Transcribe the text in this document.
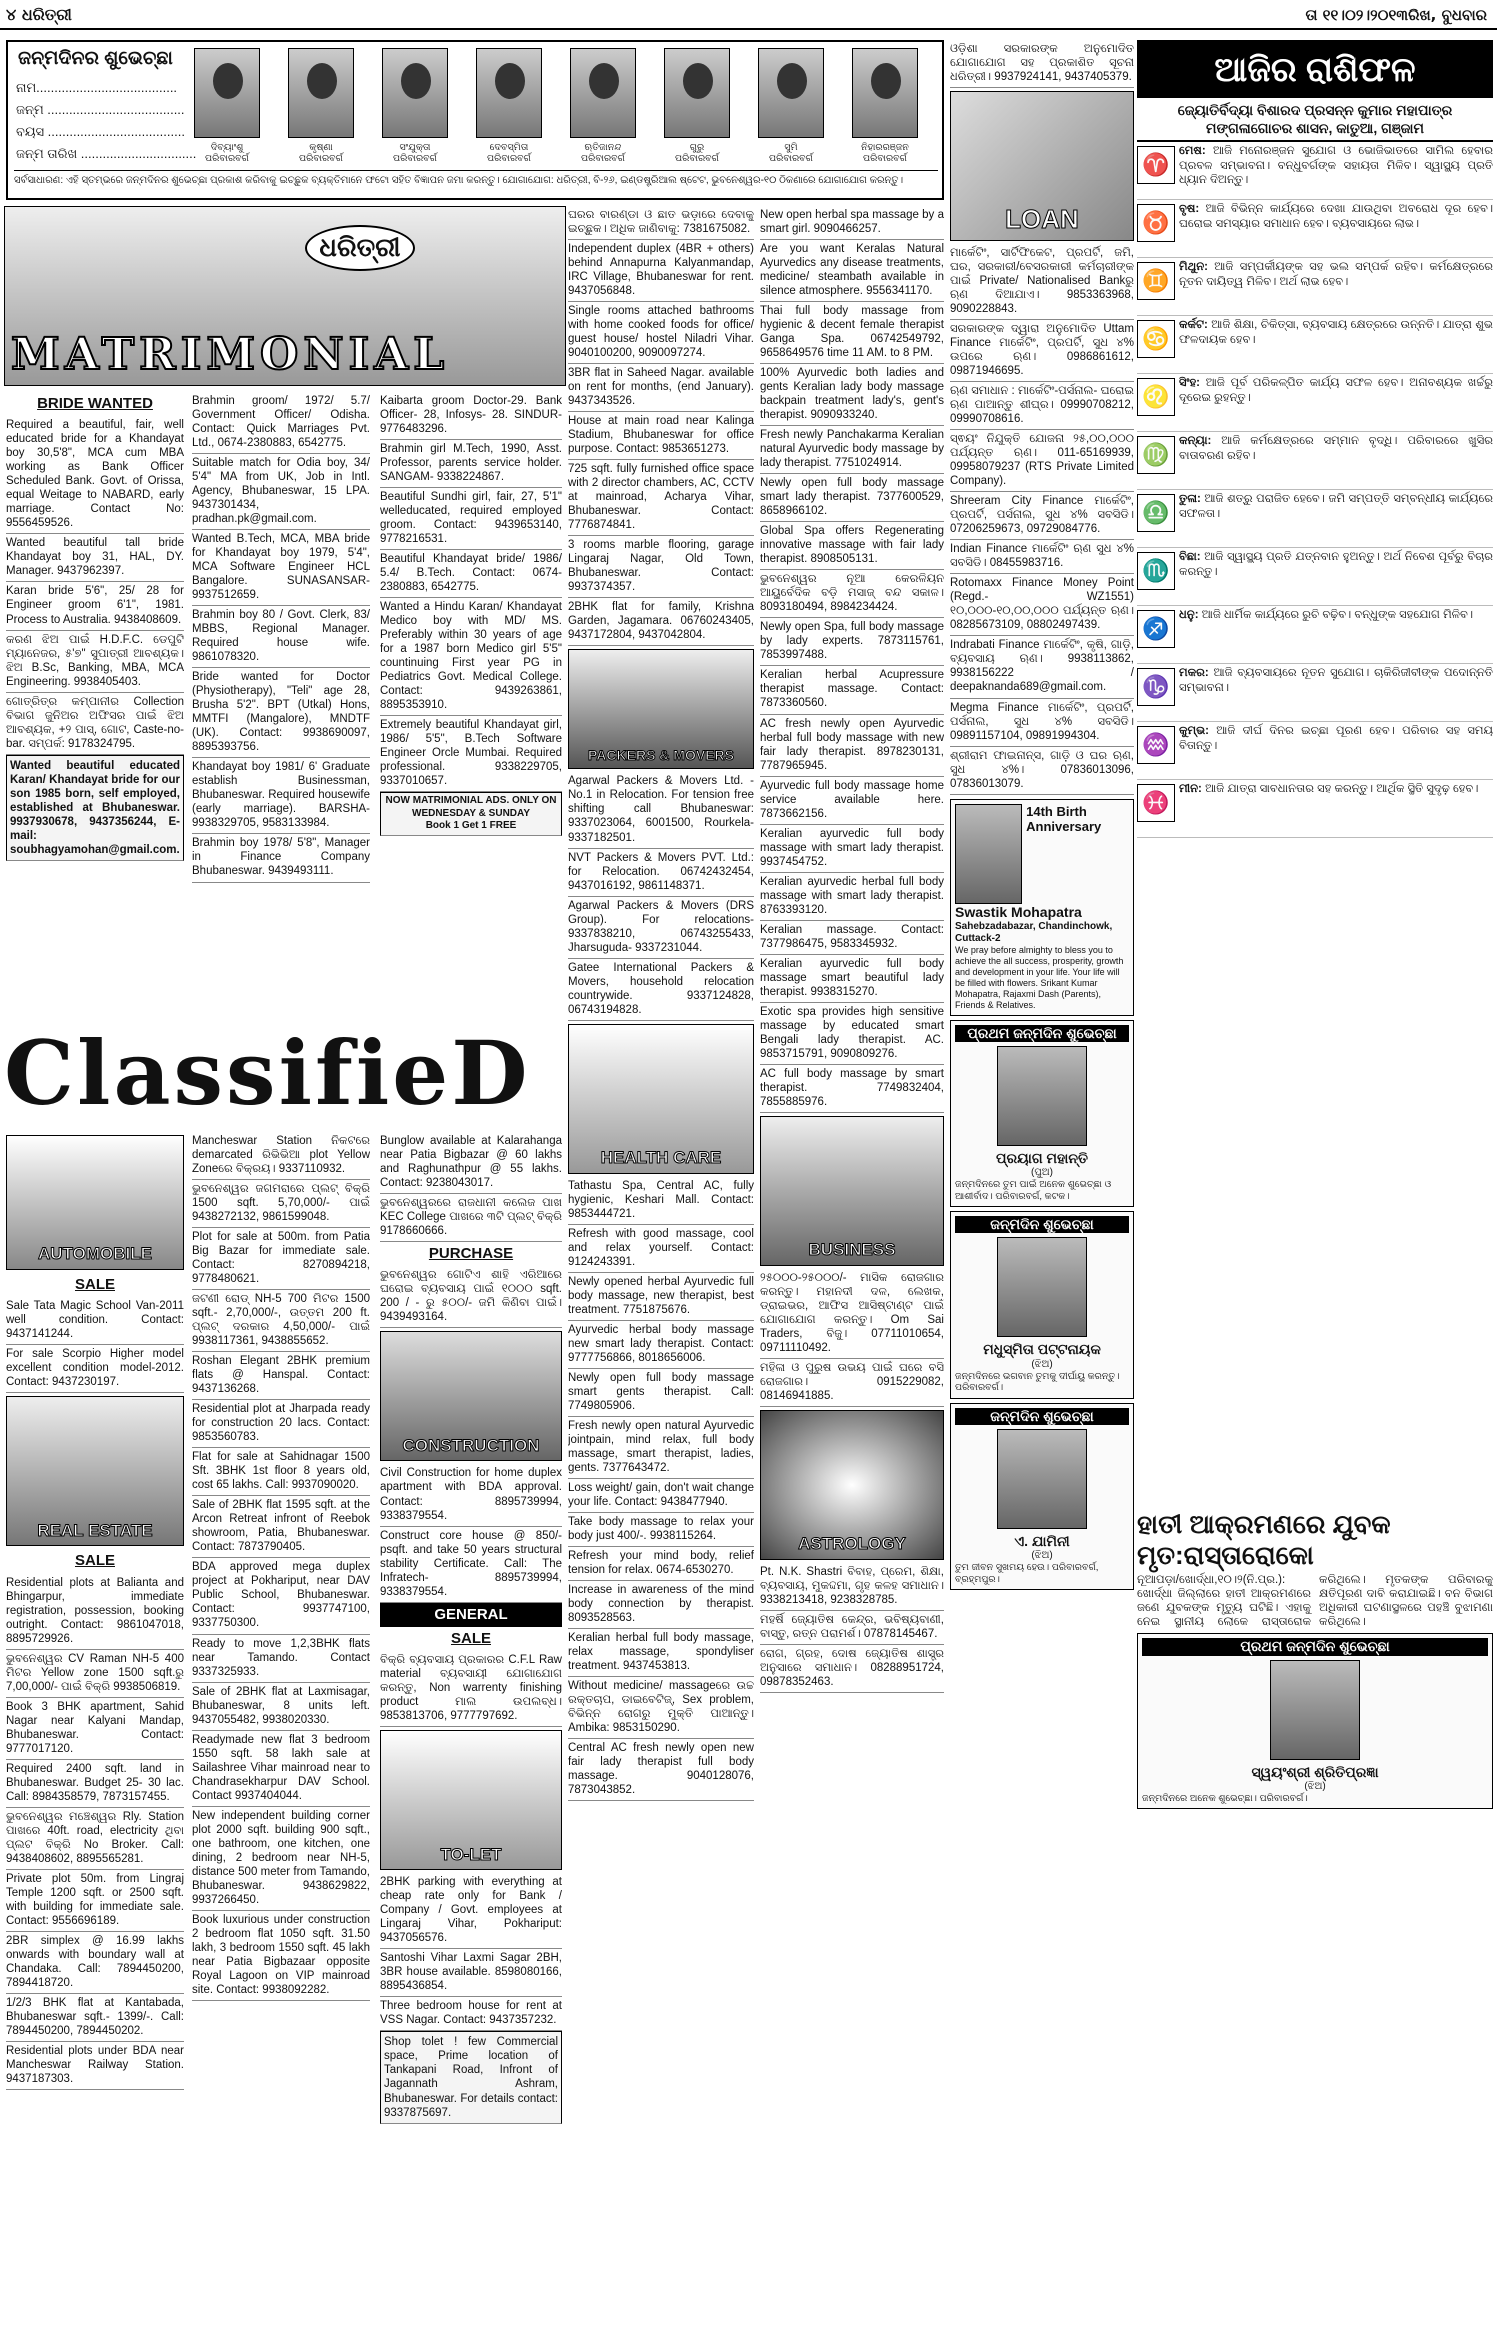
୪ ଧରିତ୍ରୀ	ତା ୧୧।୦୨।୨୦୧୩ରିଖ, ବୁଧବାର
ଜନ୍ମଦିନର ଶୁଭେଚ୍ଛା
ନାମ.......................................
ଜନ୍ମ ......................................
ବୟସ ......................................
ଜନ୍ମ ତାରିଖ ................................	ଦିବ୍ୟାଂଶୁ
ପରିବାରବର୍ଗ
କୃଷ୍ଣା
ପରିବାରବର୍ଗ
ସଂଯୁକ୍ତା
ପରିବାରବର୍ଗ
ଦେବସ୍ମିତା
ପରିବାରବର୍ଗ
ଋତିଜାନନ୍ଦ
ପରିବାରବର୍ଗ
ଗୁରୁ
ପରିବାରବର୍ଗ
ସୁମି
ପରିବାରବର୍ଗ
ନିହାରରଞ୍ଜନ
ପରିବାରବର୍ଗ
ସର୍ବସାଧାରଣ: ଏହି ସ୍ତମ୍ଭରେ ଜନ୍ମଦିନର ଶୁଭେଚ୍ଛା ପ୍ରକାଶ କରିବାକୁ ଇଚ୍ଛୁକ ବ୍ୟକ୍ତିମାନେ ଫଟୋ ସହିତ ବିଜ୍ଞାପନ ଜମା କରନ୍ତୁ। ଯୋଗାଯୋଗ: ଧରିତ୍ରୀ, ବି-୨୬, ଇଣ୍ଡଷ୍ଟ୍ରିଆଲ ଷ୍ଟେଟ, ଭୁବନେଶ୍ୱର-୧୦ ଠିକଣାରେ ଯୋଗାଯୋଗ କରନ୍ତୁ।
ଧରିତ୍ରୀ
MATRIMONIAL
BRIDE WANTED
Required a beautiful, fair, well educated bride for a Khandayat boy 30,5'8", MCA cum MBA working as Bank Officer Scheduled Bank. Govt. of Orissa, equal Weitage to NABARD, early marriage. Contact No: 9556459526.
Wanted beautiful tall bride Khandayat boy 31, HAL, DY. Manager. 9437962397.
Karan bride 5'6", 25/ 28 for Engineer groom 6'1", 1981. Process to Australia. 9438408609.
କରଣ ଝିଅ ପାଇଁ H.D.F.C. ଡେପୁଟି ମ୍ୟାନେଜର, ୫'୭" ସୁପାତ୍ରୀ ଆବଶ୍ୟକ। ଝିଅ B.Sc, Banking, MBA, MCA Engineering. 9938405403.
ଗୋତ୍ରିତ୍ର କମ୍ପାନୀର Collection ବିଭାଗ ଜୁନିଅର ଅଫିସର ପାଇଁ ଝିଅ ଆବଶ୍ୟକ, +୨ ପାସ୍, ଗୋଟ, Caste-no-bar. ସମ୍ପର୍କ: 9178324795.
Wanted beautiful educated Karan/ Khandayat bride for our son 1985 born, self employed, established at Bhubaneswar. 9937930678, 9437356244, E-mail: soubhagyamohan@gmail.com.
Brahmin groom/ 1972/ 5.7/ Government Officer/ Odisha. Contact: Quick Marriages Pvt. Ltd., 0674-2380883, 6542775.
Suitable match for Odia boy, 34/ 5'4" MA from UK, Job in Intl. Agency, Bhubaneswar, 15 LPA. 9437301434, pradhan.pk@gmail.com.
Wanted B.Tech, MCA, MBA bride for Khandayat boy 1979, 5'4", MCA Software Engineer HCL Bangalore. SUNASANSAR- 9937512659.
Brahmin boy 80 / Govt. Clerk, 83/ MBBS, Regional Manager. Required house wife. 9861078320.
Bride wanted for Doctor (Physiotherapy), "Teli" age 28, Brusha 5'2". BPT (Utkal) Hons, MMTFI (Mangalore), MNDTF (UK). Contact: 9938690097, 8895393756.
Khandayat boy 1981/ 6' Graduate establish Businessman, Bhubaneswar. Required housewife (early marriage). BARSHA- 9938329705, 9583133984.
Brahmin boy 1978/ 5'8", Manager in Finance Company Bhubaneswar. 9439493111.
Kaibarta groom Doctor-29. Bank Officer- 28, Infosys- 28. SINDUR- 9776483296.
Brahmin girl M.Tech, 1990, Asst. Professor, parents service holder. SANGAM- 9338224867.
Beautiful Sundhi girl, fair, 27, 5'1" welleducated, required employed groom. Contact: 9439653140, 9778216531.
Beautiful Khandayat bride/ 1986/ 5.4/ B.Tech. Contact: 0674-2380883, 6542775.
Wanted a Hindu Karan/ Khandayat Medico boy with MD/ MS. Preferably within 30 years of age for a 1987 born Medico girl 5'5" countinuing First year PG in Pediatrics Govt. Medical College. Contact: 9439263861, 8895353910.
Extremely beautiful Khandayat girl, 1986/ 5'5", B.Tech Software Engineer Orcle Mumbai. Required professional. 9338229705, 9337010657.
NOW MATRIMONIAL ADS. ONLY ON WEDNESDAY & SUNDAY
Book 1 Get 1 FREE
ClassifieD
AUTOMOBILE
SALE
Sale Tata Magic School Van-2011 well condition. Contact: 9437141244.
For sale Scorpio Higher model excellent condition model-2012. Contact: 9437230197.
REAL ESTATE
SALE
Residential plots at Balianta and Bhingarpur, immediate registration, possession, booking outright. Contact: 9861047018, 8895729926.
ଭୁବନେଶ୍ୱର CV Raman NH-5 400 ମିଟର Yellow zone 1500 sqft.ରୁ 7,00,000/- ପାଇଁ ବିକ୍ରି 9938506819.
Book 3 BHK apartment, Sahid Nagar near Kalyani Mandap, Bhubaneswar. Contact: 9777017120.
Required 2400 sqft. land in Bhubaneswar. Budget 25- 30 lac. Call: 8984358579, 7873157455.
ଭୁବନେଶ୍ୱର ମଞ୍ଚେଶ୍ୱର Rly. Station ପାଖରେ 40ft. road, electricity ଥିବା ପ୍ଲଟ ବିକ୍ରି No Broker. Call: 9438408602, 8895565281.
Private plot 50m. from Lingraj Temple 1200 sqft. or 2500 sqft. with building for immediate sale. Contact: 9556696189.
2BR simplex @ 16.99 lakhs onwards with boundary wall at Chandaka. Call: 7894450200, 7894418720.
1/2/3 BHK flat at Kantabada, Bhubaneswar sqft.- 1399/-. Call: 7894450200, 7894450202.
Residential plots under BDA near Mancheswar Railway Station. 9437187303.
Mancheswar Station ନିକଟରେ demarcated ରିଭିଭିଆ plot Yellow Zoneରେ ବିକ୍ରୟ। 9337110932.
ଭୁବନେଶ୍ୱର ଜଗମରାରେ ପ୍ଲଟ୍ ବିକ୍ରି 1500 sqft. 5,70,000/- ପାଇଁ 9438272132, 9861599048.
Plot for sale at 500m. from Patia Big Bazar for immediate sale. Contact: 8270894218, 9778480621.
ଜଟଣୀ ରୋଡ୍ NH-5 700 ମିଟର 1500 sqft.- 2,70,000/-, ଉତ୍ତମ 200 ft. ପ୍ଲଟ୍ ଦରକାର 4,50,000/- ପାଇଁ 9938117361, 9438855652.
Roshan Elegant 2BHK premium flats @ Hanspal. Contact: 9437136268.
Residential plot at Jharpada ready for construction 20 lacs. Contact: 9853560783.
Flat for sale at Sahidnagar 1500 Sft. 3BHK 1st floor 8 years old, cost 65 lakhs. Call: 9937090020.
Sale of 2BHK flat 1595 sqft. at the Arcon Retreat infront of Reebok showroom, Patia, Bhubaneswar. Contact: 7873790405.
BDA approved mega duplex project at Pokhariput, near DAV Public School, Bhubaneswar. Contact: 9937747100, 9337750300.
Ready to move 1,2,3BHK flats near Tamando. Contact 9337325933.
Sale of 2BHK flat at Laxmisagar, Bhubaneswar, 8 units left. 9437055482, 9938020330.
Readymade new flat 3 bedroom 1550 sqft. 58 lakh sale at Sailashree Vihar mainroad near to Chandrasekharpur DAV School. Contact 9937404044.
New independent building corner plot 2000 sqft. building 900 sqft., one bathroom, one kitchen, one dining, 2 bedroom near NH-5, distance 500 meter from Tamando, Bhubaneswar. 9438629822, 9937266450.
Book luxurious under construction 2 bedroom flat 1050 sqft. 31.50 lakh, 3 bedroom 1550 sqft. 45 lakh near Patia Bigbazaar opposite Royal Lagoon on VIP mainroad site. Contact: 9938092282.
Bunglow available at Kalarahanga near Patia Bigbazar @ 60 lakhs and Raghunathpur @ 55 lakhs. Contact: 9238043017.
ଭୁବନେଶ୍ୱରରେ ରାଜଧାନୀ କଲେଜ ପାଖ KEC College ପାଖରେ ୩ଟି ପ୍ଲଟ୍ ବିକ୍ରି 9178660666.
PURCHASE
ଭୁବନେଶ୍ୱର ଗୋଟିଏ ଶାହି ଏରିଆରେ ଘରୋଇ ବ୍ୟବସାୟ ପାଇଁ ୧୦୦୦ sqft. 200 / - ରୁ ୫୦୦/- ଜମି କିଣିବା ପାଇଁ। 9439493164.
CONSTRUCTION
Civil Construction for home duplex apartment with BDA approval. Contact: 8895739994, 9338379554.
Construct core house @ 850/- psqft. and take 50 years structural stability Certificate. Call: The Infratech- 8895739994, 9338379554.
GENERAL
SALE
ବିକ୍ରି ବ୍ୟବସାୟ ପ୍ରକାରର C.F.L Raw material ବ୍ୟବସାୟୀ ଯୋଗାଯୋଗ କରନ୍ତୁ, Non warrenty finishing product ମାଲ ଉପଲବ୍ଧ। 9853813706, 9777797692.
TO-LET
2BHK parking with everything at cheap rate only for Bank / Company / Govt. employees at Lingaraj Vihar, Pokhariput: 9437056576.
Santoshi Vihar Laxmi Sagar 2BH, 3BR house available. 8598080166, 8895436854.
Three bedroom house for rent at VSS Nagar. Contact: 9437357232.
Shop tolet ! few Commercial space, Prime location of Tankapani Road, Infront of Jagannath Ashram, Bhubaneswar. For details contact: 9337875697.
ଘରର ବାରଣ୍ଡା ଓ ଛାତ ଭଡ଼ାରେ ଦେବାକୁ ଇଚ୍ଛୁକ। ଅଧିକ ଜାଣିବାକୁ: 7381675082.
Independent duplex (4BR + others) behind Annapurna Kalyanmandap, IRC Village, Bhubaneswar for rent. 9437056848.
Single rooms attached bathrooms with home cooked foods for office/ guest house/ hostel Niladri Vihar. 9040100200, 9090097274.
3BR flat in Saheed Nagar. available on rent for months, (end January). 9437343526.
House at main road near Kalinga Stadium, Bhubaneswar for office purpose. Contact: 9853651273.
725 sqft. fully furnished office space with 2 director chambers, AC, CCTV at mainroad, Acharya Vihar, Bhubaneswar. Contact: 7776874841.
3 rooms marble flooring, garage Lingaraj Nagar, Old Town, Bhubaneswar. Contact: 9937374357.
2BHK flat for family, Krishna Garden, Jagamara. 06760243405, 9437172804, 9437042804.
PACKERS & MOVERS
Agarwal Packers & Movers Ltd. - No.1 in Relocation. For tension free shifting call Bhubaneswar: 9337023064, 6001500, Rourkela- 9337182501.
NVT Packers & Movers PVT. Ltd.: for Relocation. 06742432454, 9437016192, 9861148371.
Agarwal Packers & Movers (DRS Group). For relocations- 9337838210, 06743255433, Jharsuguda- 9337231044.
Gatee International Packers & Movers, household relocation countrywide. 9337124828, 06743194828.
HEALTH CARE
Tathastu Spa, Central AC, fully hygienic, Keshari Mall. Contact: 9853444721.
Refresh with good massage, cool and relax yourself. Contact: 9124243391.
Newly opened herbal Ayurvedic full body massage, new therapist, best treatment. 7751875676.
Ayurvedic herbal body massage new smart lady therapist. Contact: 9777756866, 8018656006.
Newly open full body massage smart gents therapist. Call: 7749805906.
Fresh newly open natural Ayurvedic jointpain, mind relax, full body massage, smart therapist, ladies, gents. 7377643472.
Loss weight/ gain, don't wait change your life. Contact: 9438477940.
Take body massage to relax your body just 400/-. 9938115264.
Refresh your mind body, relief tension for relax. 0674-6530270.
Increase in awareness of the mind body connection by therapist. 8093528563.
Keralian herbal full body massage, relax massage, spondyliser treatment. 9437453813.
Without medicine/ massageରେ ଉଚ୍ଚ ରକ୍ତଚାପ, ଡାଇବେଟିଜ୍, Sex problem, ବିଭିନ୍ନ ରୋଗରୁ ମୁକ୍ତି ପାଆନ୍ତୁ। Ambika: 9853150290.
Central AC fresh newly open new fair lady therapist full body massage. 9040128076, 7873043852.
New open herbal spa massage by a smart girl. 9090466257.
Are you want Keralas Natural Ayurvedics any disease treatments, medicine/ steambath available in silence atmosphere. 9556341170.
Thai full body massage from hygienic & decent female therapist Ganga Spa. 06742549792, 9658649576 time 11 AM. to 8 PM.
100% Ayurvedic both ladies and gents Keralian lady body massage backpain treatment lady's, gent's therapist. 9090933240.
Fresh newly Panchakarma Keralian natural Ayurvedic body massage by lady therapist. 7751024914.
Newly open full body massage smart lady therapist. 7377600529, 8658966102.
Global Spa offers Regenerating innovative massage with fair lady therapist. 8908505131.
ଭୁବନେଶ୍ୱର ନୂଆ କେରଳିୟନ ଆୟୁର୍ବେଦିକ ବଡ଼ି ମସାଜ୍ ବନ୍ଦ ସକାଳ। 8093180494, 8984234424.
Newly open Spa, full body massage by lady experts. 7873115761, 7853997488.
Keralian herbal Acupressure therapist massage. Contact: 7873360560.
AC fresh newly open Ayurvedic herbal full body massage with new fair lady therapist. 8978230131, 7787965945.
Ayurvedic full body massage home service available here. 7873662156.
Keralian ayurvedic full body massage with smart lady therapist. 9937454752.
Keralian ayurvedic herbal full body massage with smart lady therapist. 8763393120.
Keralian massage. Contact: 7377986475, 9583345932.
Keralian ayurvedic full body massage smart beautiful lady therapist. 9938315270.
Exotic spa provides high sensitive massage by educated smart Bengali lady therapist. AC. 9853715791, 9090809276.
AC full body massage by smart therapist. 7749832404, 7855885976.
BUSINESS
୨୫୦୦୦-୨୫୦୦୦/- ମାସିକ ରୋଜଗାର କରନ୍ତୁ। ମହାନଦୀ ଦଳ, ଲେଖକ, ଡ୍ରାଇଭର, ଆଫିସ ଆସିଷ୍ଟାଣ୍ଟ ପାଇଁ ଯୋଗାଯୋଗ କରନ୍ତୁ। Om Sai Traders, ବିଜୁ। 07711010654, 09711110492.
ମହିଳା ଓ ପୁରୁଷ ଉଭୟ ପାଇଁ ଘରେ ବସି ରୋଜଗାର। 0915229082, 08146941885.
ASTROLOGY
Pt. N.K. Shastri ବିବାହ, ପ୍ରେମ, ଶିକ୍ଷା, ବ୍ୟବସାୟ, ମୁକଦ୍ଦମା, ଗୃହ କଳହ ସମାଧାନ। 9338213418, 9238328785.
ମହର୍ଷି ଜ୍ୟୋତିଷ କେନ୍ଦ୍ର, ଭବିଷ୍ୟବାଣୀ, ବାସ୍ତୁ, ରତ୍ନ ପରାମର୍ଶ। 07878145467.
ରୋଗ, ଗ୍ରହ, ଦୋଷ ଜ୍ୟୋତିଷ ଶାସ୍ତ୍ର ଅନୁସାରେ ସମାଧାନ। 08288951724, 09878352463.
ଓଡ଼ିଶା ସରକାରଙ୍କ ଅନୁମୋଦିତ ଯୋଗାଯୋଗ ସହ ପ୍ରକାଶିତ ସୂଚନା ଧରିତ୍ରୀ। 9937924141, 9437405379.
LOAN
ମାର୍କେଟିଂ, ସାର୍ଟିଫିକେଟ, ପ୍ରପର୍ଟି, ଜମି, ଘର, ସରକାରୀ/ବେସରକାରୀ କର୍ମଚାରୀଙ୍କ ପାଇଁ Private/ Nationalised Bankରୁ ଋଣ ଦିଆଯାଏ। 9853363968, 9090228843.
ସରକାରଙ୍କ ଦ୍ୱାରା ଅନୁମୋଦିତ Uttam Finance ମାର୍କେଟିଂ, ପ୍ରପର୍ଟି, ସୁଧ ୪% ଉପରେ ଋଣ। 0986861612, 09871946695.
ଋଣ ସମାଧାନ : ମାର୍କେଟିଂ-ପର୍ସନାଲ- ଘରୋଇ ଋଣ ପାଆନ୍ତୁ ଶୀଘ୍ର। 09990708212, 09990708616.
ସ୍ଵୟଂ ନିଯୁକ୍ତି ଯୋଜନା ୨୫,୦୦,୦୦୦ ପର୍ଯ୍ୟନ୍ତ ଋଣ। 011-65169939, 09958079237 (RTS Private Limited Company).
Shreeram City Finance ମାର୍କେଟିଂ, ପ୍ରପର୍ଟି, ପର୍ସନାଲ, ସୁଧ ୪% ସବସିଡି। 07206259673, 09729084776.
Indian Finance ମାର୍କେଟିଂ ଋଣ ସୁଧ ୪% ସବସିଡି। 08455983716.
Rotomaxx Finance Money Point (Regd.- WZ1551) ୧୦,୦୦୦-୧୦,୦୦,୦୦୦ ପର୍ଯ୍ୟନ୍ତ ଋଣ। 08285673109, 08802497439.
Indrabati Finance ମାର୍କେଟିଂ, କୃଷି, ଗାଡ଼ି, ବ୍ୟବସାୟ ଋଣ। 9938113862, 9938156222 / deepaknanda689@gmail.com.
Megma Finance ମାର୍କେଟିଂ, ପ୍ରପର୍ଟି, ପର୍ସନାଲ, ସୁଧ ୪% ସବସିଡି। 09891157104, 09891994304.
ଶ୍ରୀରାମ ଫାଇନାନ୍ସ, ଗାଡ଼ି ଓ ଘର ଋଣ, ସୁଧ ୪%। 07836013096, 07836013079.
14th Birth Anniversary
Swastik Mohapatra
Sahebzadabazar, Chandinchowk, Cuttack-2
We pray before almighty to bless you to achieve the all success, prosperity, growth and development in your life. Your life will be filled with flowers. Srikant Kumar Mohapatra, Rajaxmi Dash (Parents), Friends & Relatives.
ପ୍ରଥମ ଜନ୍ମଦିନ ଶୁଭେଚ୍ଛା
ପ୍ରୟାଗ ମହାନ୍ତି
(ପୁଅ)
ଜନ୍ମଦିନରେ ତୁମ ପାଇଁ ଅନେକ ଶୁଭେଚ୍ଛା ଓ ଆଶୀର୍ବାଦ। ପରିବାରବର୍ଗ, କଟକ।
ଜନ୍ମଦିନ ଶୁଭେଚ୍ଛା
ମଧୁସ୍ମିତା ପଟ୍ଟନାୟକ
(ଝିଅ)
ଜନ୍ମଦିନରେ ଭଗବାନ ତୁମକୁ ଦୀର୍ଘାୟୁ କରନ୍ତୁ। ପରିବାରବର୍ଗ।
ଜନ୍ମଦିନ ଶୁଭେଚ୍ଛା
ଏ. ଯାମିନୀ
(ଝିଅ)
ତୁମ ଜୀବନ ସୁଖମୟ ହେଉ। ପରିବାରବର୍ଗ, ବ୍ରହ୍ମପୁର।
ଆଜିର ରାଶିଫଳ
ଜ୍ୟୋତିର୍ବିଦ୍ୟା ବିଶାରଦ ପ୍ରସନ୍ନ କୁମାର ମହାପାତ୍ର
ମଙ୍ଗଳାଗୋଚର ଶାସନ, କାତୁଆ, ଗଞ୍ଜାମ
♈
ମେଷ: ଆଜି ମନୋରଞ୍ଜନ ସୁଯୋଗ ଓ ଭୋଜିଭାତରେ ସାମିଲ ହେବାର ପ୍ରବଳ ସମ୍ଭାବନା। ବନ୍ଧୁବର୍ଗଙ୍କ ସହାୟତା ମିଳିବ। ସ୍ୱାସ୍ଥ୍ୟ ପ୍ରତି ଧ୍ୟାନ ଦିଅନ୍ତୁ।
♉
ବୃଷ: ଆଜି ବିଭିନ୍ନ କାର୍ଯ୍ୟରେ ଦେଖା ଯାଉଥିବା ଅବରୋଧ ଦୂର ହେବ। ଘରୋଇ ସମସ୍ୟାର ସମାଧାନ ହେବ। ବ୍ୟବସାୟରେ ଲାଭ।
♊
ମିଥୁନ: ଆଜି ସମ୍ପର୍କୀୟଙ୍କ ସହ ଭଲ ସମ୍ପର୍କ ରହିବ। କର୍ମକ୍ଷେତ୍ରରେ ନୂତନ ଦାୟିତ୍ୱ ମିଳିବ। ଅର୍ଥ ଲାଭ ହେବ।
♋
କର୍କଟ: ଆଜି ଶିକ୍ଷା, ଚିକିତ୍ସା, ବ୍ୟବସାୟ କ୍ଷେତ୍ରରେ ଉନ୍ନତି। ଯାତ୍ରା ଶୁଭ ଫଳଦାୟକ ହେବ।
♌
ସିଂହ: ଆଜି ପୂର୍ବ ପରିକଳ୍ପିତ କାର୍ଯ୍ୟ ସଫଳ ହେବ। ଅନାବଶ୍ୟକ ଖର୍ଚ୍ଚରୁ ଦୂରେଇ ରୁହନ୍ତୁ।
♍
କନ୍ୟା: ଆଜି କର୍ମକ୍ଷେତ୍ରରେ ସମ୍ମାନ ବୃଦ୍ଧି। ପରିବାରରେ ଖୁସିର ବାତାବରଣ ରହିବ।
♎
ତୁଳା: ଆଜି ଶତ୍ରୁ ପରାଜିତ ହେବେ। ଜମି ସମ୍ପତ୍ତି ସମ୍ବନ୍ଧୀୟ କାର୍ଯ୍ୟରେ ସଫଳତା।
♏
ବିଛା: ଆଜି ସ୍ୱାସ୍ଥ୍ୟ ପ୍ରତି ଯତ୍ନବାନ ହୁଅନ୍ତୁ। ଅର୍ଥ ନିବେଶ ପୂର୍ବରୁ ବିଚାର କରନ୍ତୁ।
♐
ଧନୁ: ଆଜି ଧାର୍ମିକ କାର୍ଯ୍ୟରେ ରୁଚି ବଢ଼ିବ। ବନ୍ଧୁଙ୍କ ସହଯୋଗ ମିଳିବ।
♑
ମକର: ଆଜି ବ୍ୟବସାୟରେ ନୂତନ ସୁଯୋଗ। ଚାକିରିଜୀବୀଙ୍କ ପଦୋନ୍ନତି ସମ୍ଭାବନା।
♒
କୁମ୍ଭ: ଆଜି ଦୀର୍ଘ ଦିନର ଇଚ୍ଛା ପୂରଣ ହେବ। ପରିବାର ସହ ସମୟ ବିତାନ୍ତୁ।
♓
ମୀନ: ଆଜି ଯାତ୍ରା ସାବଧାନତାର ସହ କରନ୍ତୁ। ଆର୍ଥିକ ସ୍ଥିତି ସୁଦୃଢ଼ ହେବ।
ହାତୀ ଆକ୍ରମଣରେ ଯୁବକ ମୃତ:ରାସ୍ତାରୋକୋ
ନୂଆପଡ଼ା/ଖୋର୍ଦ୍ଧା,୧୦।୨(ନି.ପ୍ର.): ଖୋର୍ଦ୍ଧା ଜିଲ୍ଲାରେ ହାତୀ ଆକ୍ରମଣରେ ଜଣେ ଯୁବକଙ୍କ ମୃତ୍ୟୁ ଘଟିଛି। ଏହାକୁ ନେଇ ସ୍ଥାନୀୟ ଲୋକେ ରାସ୍ତାରୋକ କରିଥିଲେ। ମୃତକଙ୍କ ପରିବାରକୁ କ୍ଷତିପୂରଣ ଦାବି କରାଯାଇଛି। ବନ ବିଭାଗ ଅଧିକାରୀ ଘଟଣାସ୍ଥଳରେ ପହଞ୍ଚି ବୁଝାମଣା କରିଥିଲେ।
ପ୍ରଥମ ଜନ୍ମଦିନ ଶୁଭେଚ୍ଛା
ସ୍ୱୟଂଶ୍ରୀ ଶ୍ରିତିପ୍ରଜ୍ଞା
(ଝିଅ)
ଜନ୍ମଦିନରେ ଅନେକ ଶୁଭେଚ୍ଛା। ପରିବାରବର୍ଗ।
